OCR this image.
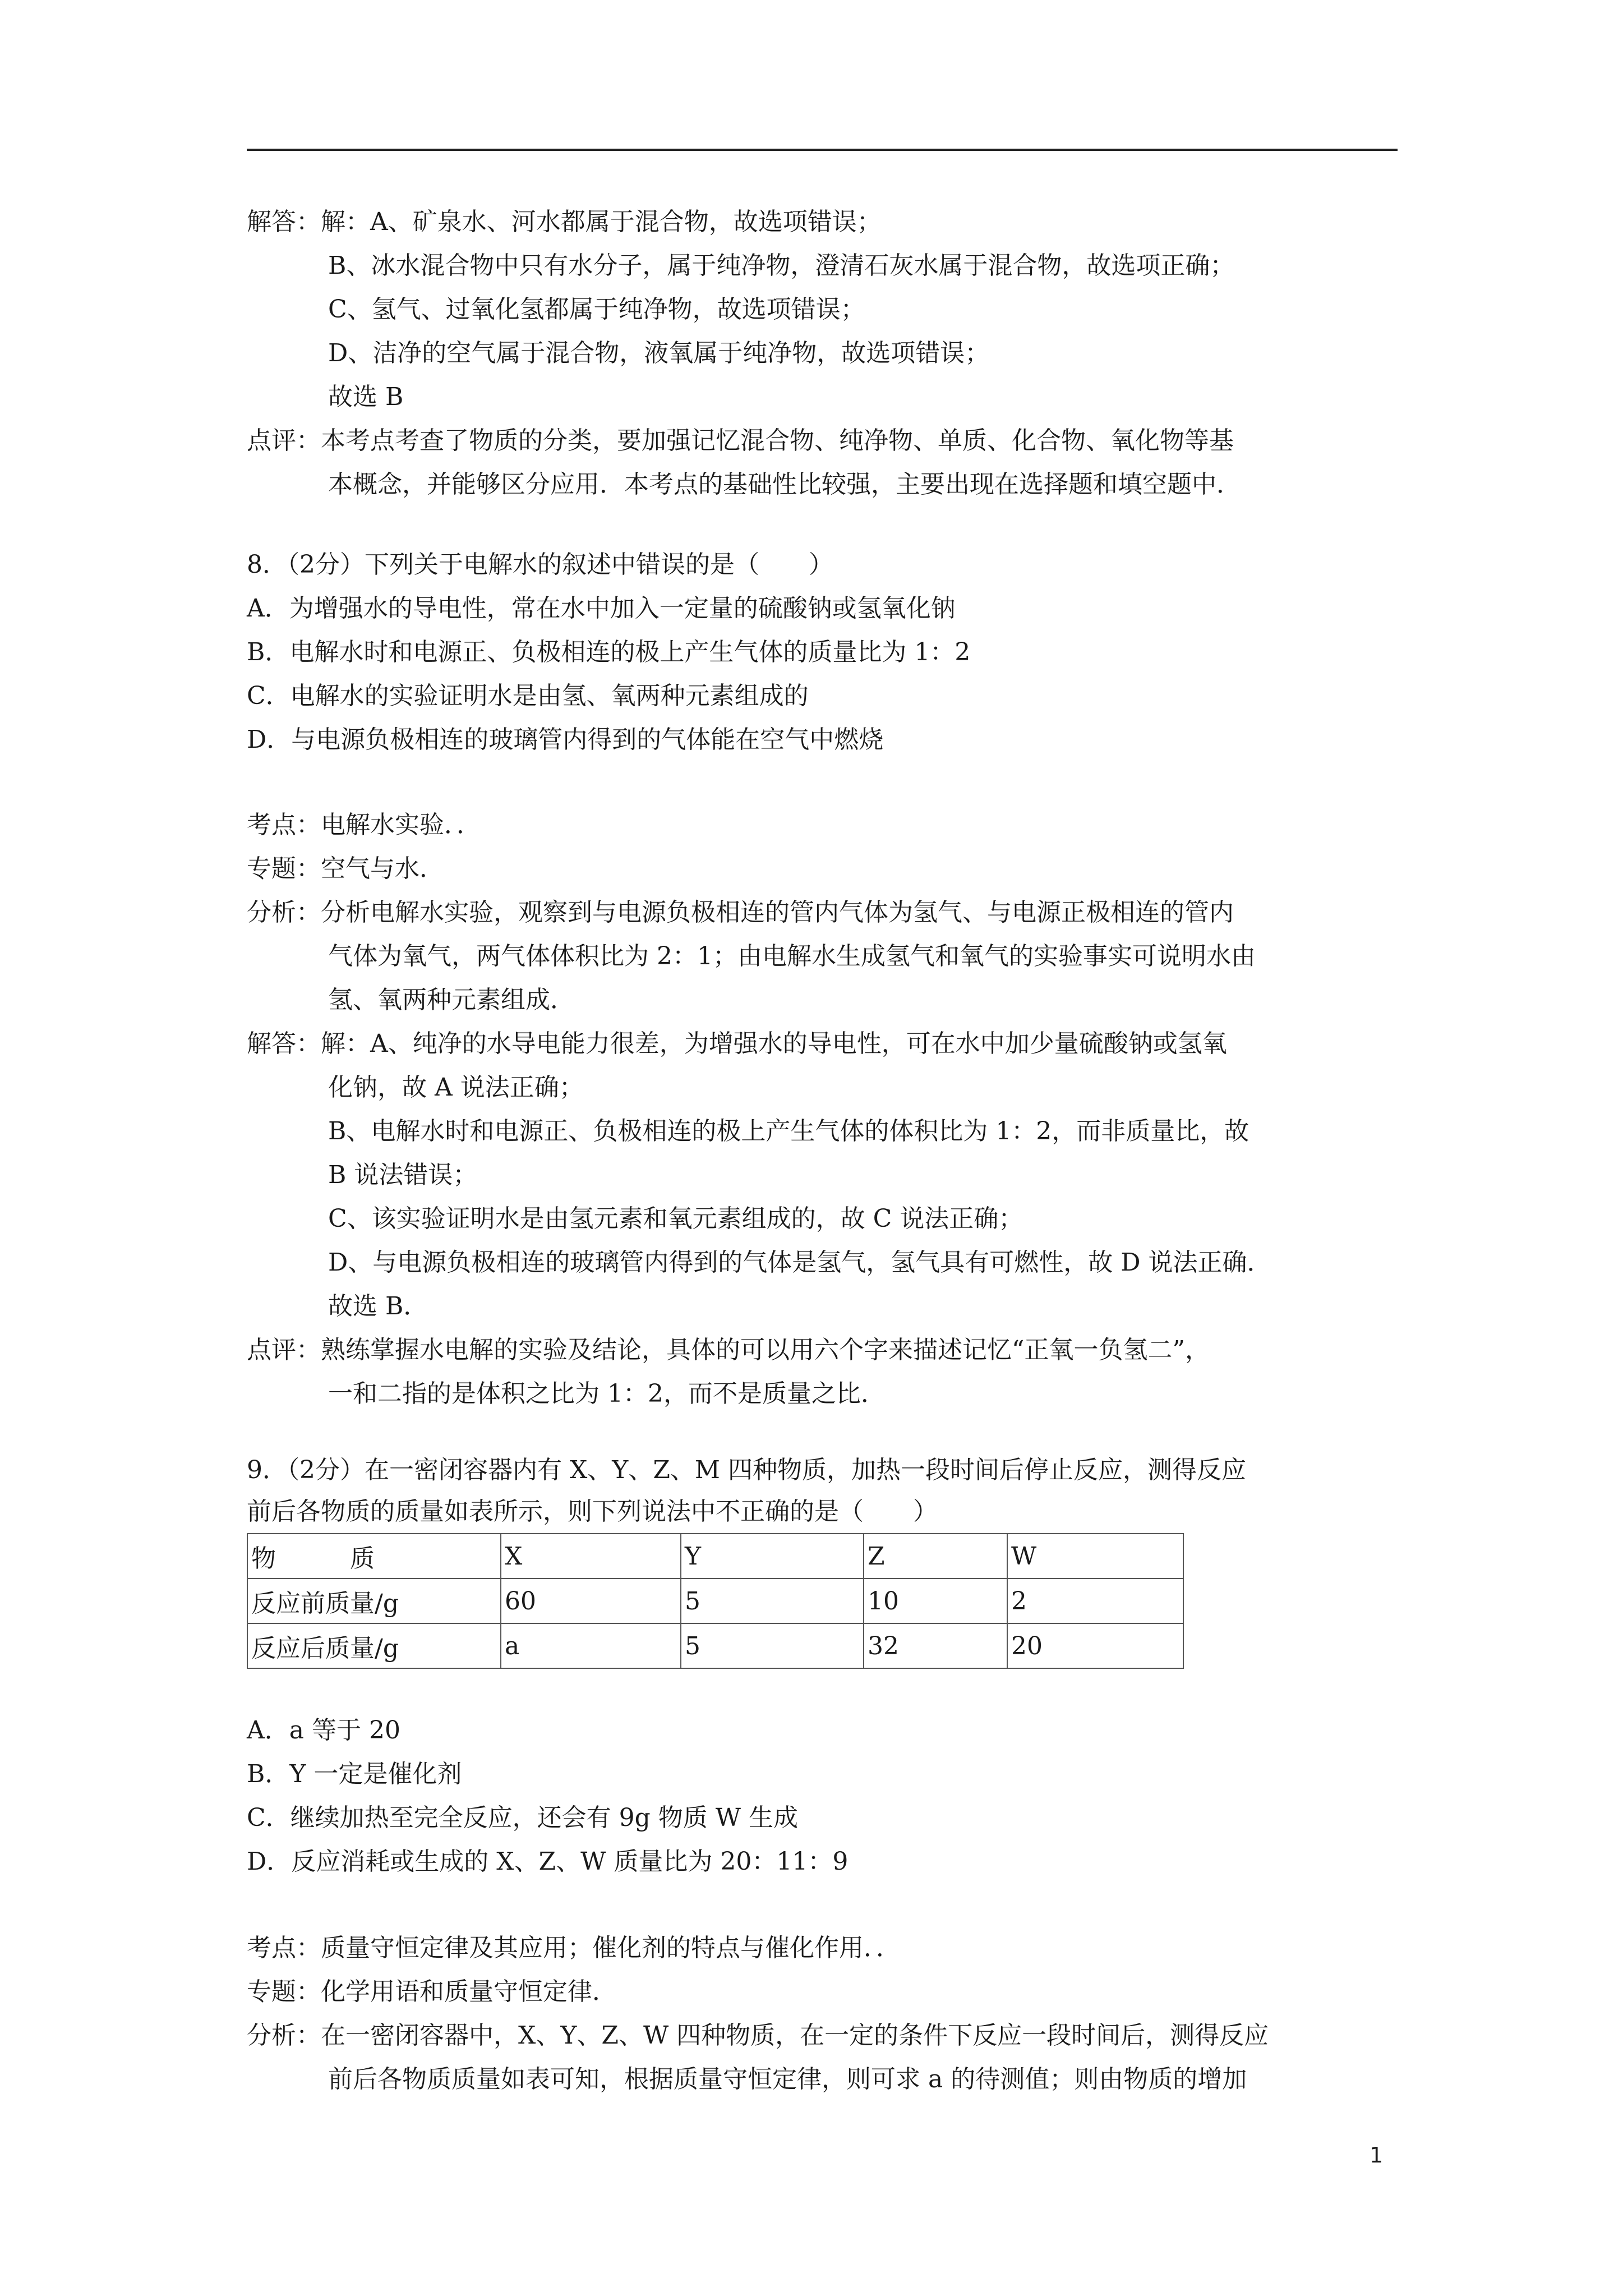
解答：解：A、矿泉水、河水都属于混合物，故选项错误；
B、冰水混合物中只有水分子，属于纯净物，澄清石灰水属于混合物，故选项正确；
C、氢气、过氧化氢都属于纯净物，故选项错误；
D、洁净的空气属于混合物，液氧属于纯净物，故选项错误；
故选 B
点评：本考点考查了物质的分类，要加强记忆混合物、纯净物、单质、化合物、氧化物等基
本概念，并能够区分应用．本考点的基础性比较强，主要出现在选择题和填空题中．
8．（2分）下列关于电解水的叙述中错误的是（　　）
A．为增强水的导电性，常在水中加入一定量的硫酸钠或氢氧化钠
B．电解水时和电源正、负极相连的极上产生气体的质量比为 1：2
C．电解水的实验证明水是由氢、氧两种元素组成的
D．与电源负极相连的玻璃管内得到的气体能在空气中燃烧
考点：电解水实验．．
专题：空气与水．
分析：分析电解水实验，观察到与电源负极相连的管内气体为氢气、与电源正极相连的管内
气体为氧气，两气体体积比为 2：1；由电解水生成氢气和氧气的实验事实可说明水由
氢、氧两种元素组成．
解答：解：A、纯净的水导电能力很差，为增强水的导电性，可在水中加少量硫酸钠或氢氧
化钠，故 A 说法正确；
B、电解水时和电源正、负极相连的极上产生气体的体积比为 1：2，而非质量比，故
B 说法错误；
C、该实验证明水是由氢元素和氧元素组成的，故 C 说法正确；
D、与电源负极相连的玻璃管内得到的气体是氢气，氢气具有可燃性，故 D 说法正确．
故选 B．
点评：熟练掌握水电解的实验及结论，具体的可以用六个字来描述记忆“正氧一负氢二”，
一和二指的是体积之比为 1：2，而不是质量之比．
9．（2分）在一密闭容器内有 X、Y、Z、M 四种物质，加热一段时间后停止反应，测得反应
前后各物质的质量如表所示，则下列说法中不正确的是（　　）
物　　　质	X	Y	Z	W
反应前质量/g	60	5	10	2
反应后质量/g	a	5	32	20
A．a 等于 20
B．Y 一定是催化剂
C．继续加热至完全反应，还会有 9g 物质 W 生成
D．反应消耗或生成的 X、Z、W 质量比为 20：11：9
考点：质量守恒定律及其应用；催化剂的特点与催化作用．．
专题：化学用语和质量守恒定律．
分析：在一密闭容器中，X、Y、Z、W 四种物质，在一定的条件下反应一段时间后，测得反应
前后各物质质量如表可知，根据质量守恒定律，则可求 a 的待测值；则由物质的增加
1
